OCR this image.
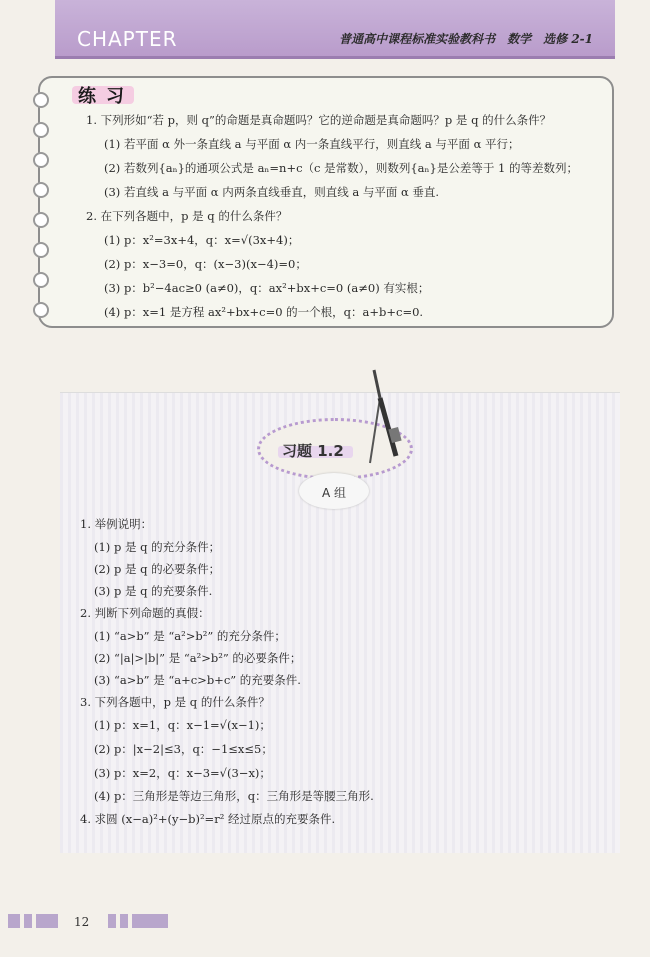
CHAPTER	普通高中课程标准实验教科书　数学　选修 2-1
练习
1. 下列形如“若 p，则 q”的命题是真命题吗？它的逆命题是真命题吗？p 是 q 的什么条件？
(1) 若平面 α 外一条直线 a 与平面 α 内一条直线平行，则直线 a 与平面 α 平行；
(2) 若数列{aₙ}的通项公式是 aₙ=n+c（c 是常数），则数列{aₙ}是公差等于 1 的等差数列；
(3) 若直线 a 与平面 α 内两条直线垂直，则直线 a 与平面 α 垂直.
2. 在下列各题中，p 是 q 的什么条件？
(1) p：x²=3x+4，q：x=√(3x+4)；
(2) p：x−3=0，q：(x−3)(x−4)=0；
(3) p：b²−4ac≥0 (a≠0)，q：ax²+bx+c=0 (a≠0) 有实根；
(4) p：x=1 是方程 ax²+bx+c=0 的一个根，q：a+b+c=0.
习题 1.2
A 组
1. 举例说明：
(1) p 是 q 的充分条件；
(2) p 是 q 的必要条件；
(3) p 是 q 的充要条件.
2. 判断下列命题的真假：
(1) “a>b” 是 “a²>b²” 的充分条件；
(2) “|a|>|b|” 是 “a²>b²” 的必要条件；
(3) “a>b” 是 “a+c>b+c” 的充要条件.
3. 下列各题中，p 是 q 的什么条件？
(1) p：x=1，q：x−1=√(x−1)；
(2) p：|x−2|≤3，q：−1≤x≤5；
(3) p：x=2，q：x−3=√(3−x)；
(4) p：三角形是等边三角形，q：三角形是等腰三角形.
4. 求圆 (x−a)²+(y−b)²=r² 经过原点的充要条件.
12
